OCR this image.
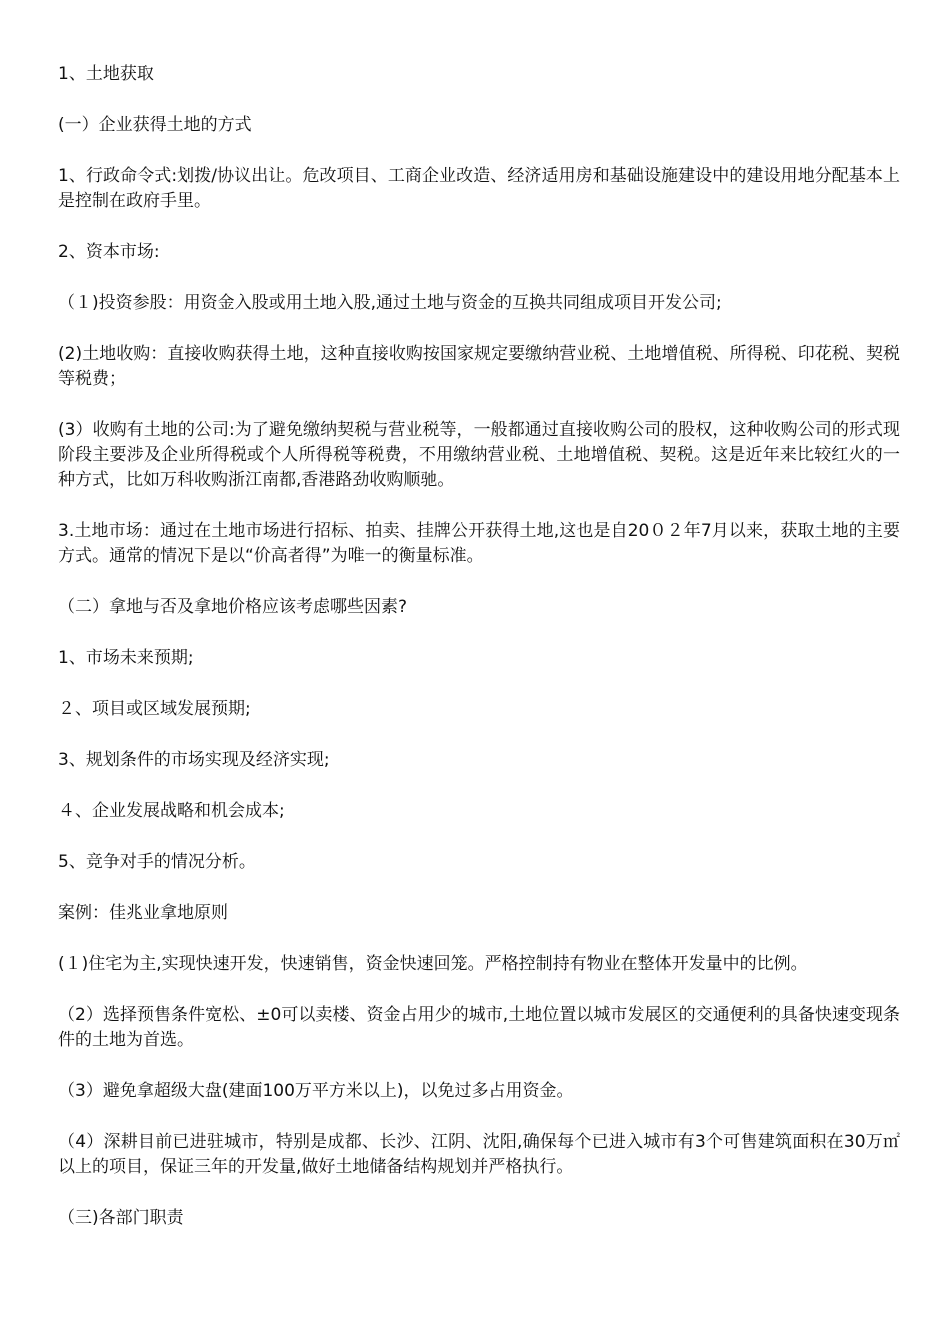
1、土地获取

(一）企业获得土地的方式

1、行政命令式:划拨/协议出让。危改项目、工商企业改造、经济适用房和基础设施建设中的建设用地分配基本上是控制在政府手里。

2、资本市场:

（１)投资参股：用资金入股或用土地入股,通过土地与资金的互换共同组成项目开发公司;

(2)土地收购：直接收购获得土地，这种直接收购按国家规定要缴纳营业税、土地增值税、所得税、印花税、契税等税费；

(3）收购有土地的公司:为了避免缴纳契税与营业税等，一般都通过直接收购公司的股权，这种收购公司的形式现阶段主要涉及企业所得税或个人所得税等税费，不用缴纳营业税、土地增值税、契税。这是近年来比较红火的一种方式，比如万科收购浙江南都,香港路劲收购顺驰。

3.土地市场：通过在土地市场进行招标、拍卖、挂牌公开获得土地,这也是自20０２年7月以来，获取土地的主要方式。通常的情况下是以“价高者得”为唯一的衡量标准。

（二）拿地与否及拿地价格应该考虑哪些因素?

1、市场未来预期;

２、项目或区域发展预期;

3、规划条件的市场实现及经济实现;

４、企业发展战略和机会成本;

5、竞争对手的情况分析。

案例：佳兆业拿地原则

(１)住宅为主,实现快速开发，快速销售，资金快速回笼。严格控制持有物业在整体开发量中的比例。

（2）选择预售条件宽松、±0可以卖楼、资金占用少的城市,土地位置以城市发展区的交通便利的具备快速变现条件的土地为首选。

（3）避免拿超级大盘(建面100万平方米以上)，以免过多占用资金。

（4）深耕目前已进驻城市，特别是成都、长沙、江阴、沈阳,确保每个已进入城市有3个可售建筑面积在30万㎡以上的项目，保证三年的开发量,做好土地储备结构规划并严格执行。

（三)各部门职责
